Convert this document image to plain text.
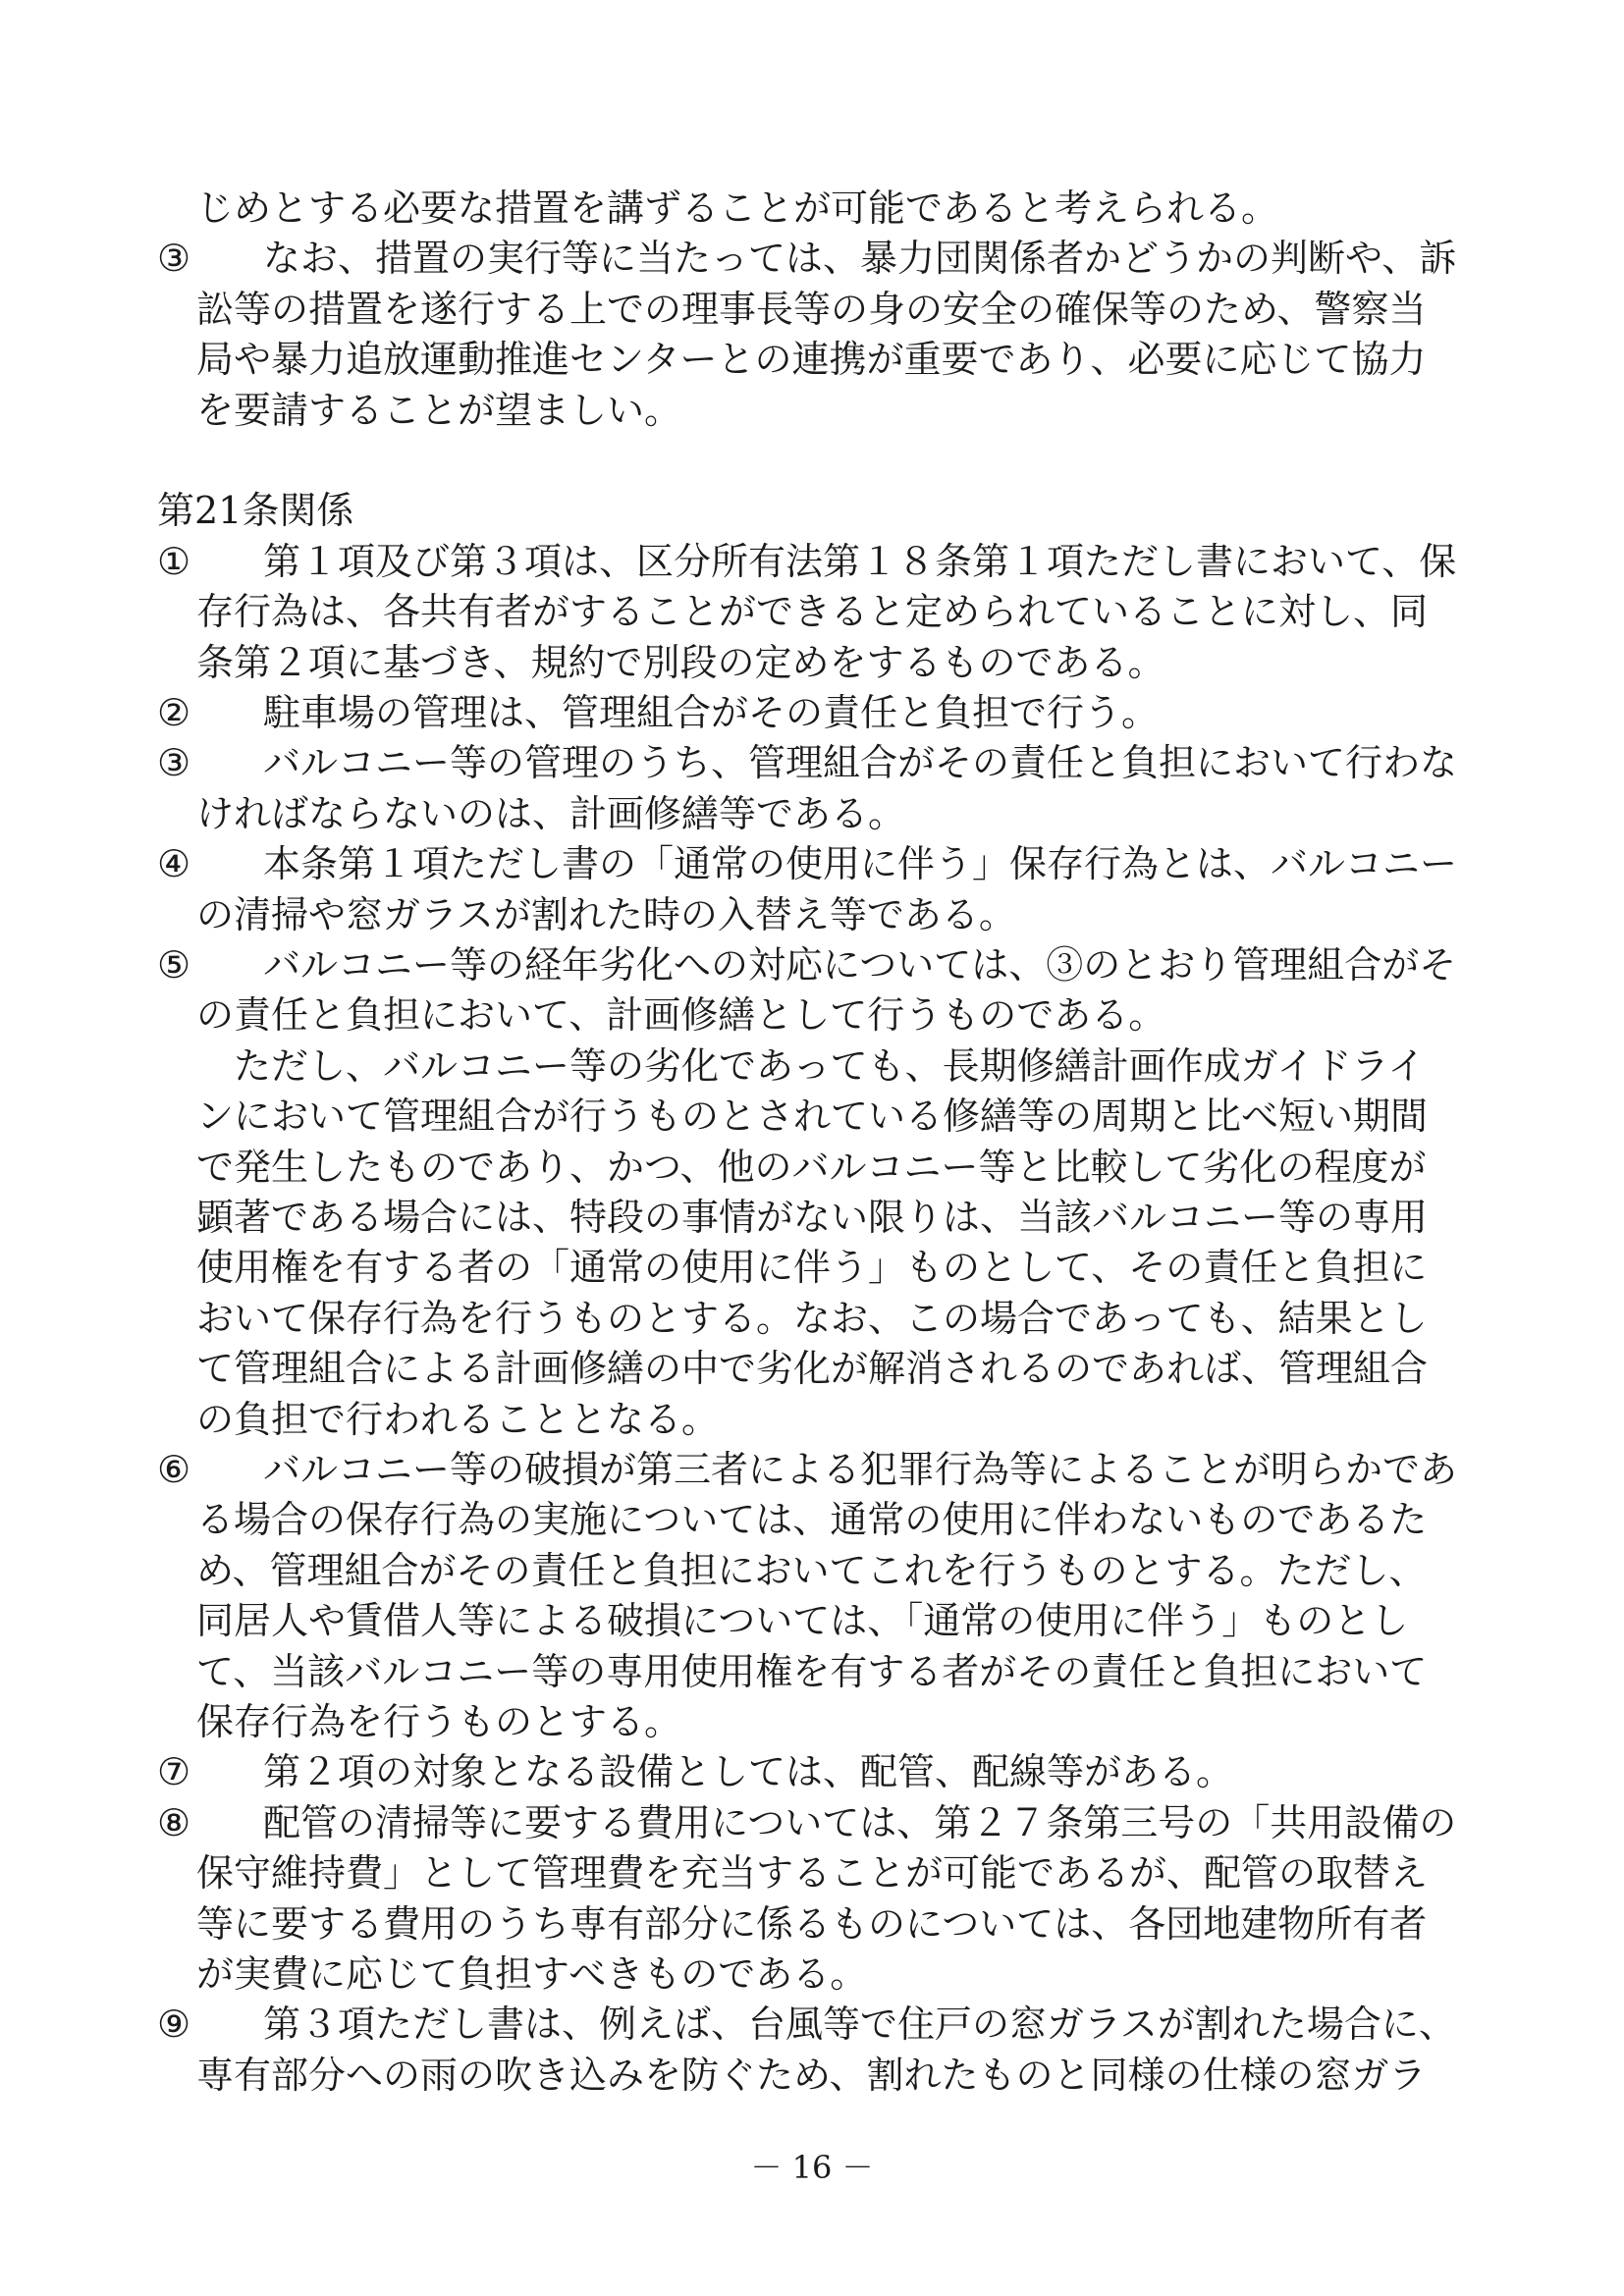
じめとする必要な措置を講ずることが可能であると考えられる。
③　なお、措置の実行等に当たっては、暴力団関係者かどうかの判断や、訴
訟等の措置を遂行する上での理事長等の身の安全の確保等のため、警察当
局や暴力追放運動推進センターとの連携が重要であり、必要に応じて協力
を要請することが望ましい。
第21条関係
①　第１項及び第３項は、区分所有法第１８条第１項ただし書において、保
存行為は、各共有者がすることができると定められていることに対し、同
条第２項に基づき、規約で別段の定めをするものである。
②　駐車場の管理は、管理組合がその責任と負担で行う。
③　バルコニー等の管理のうち、管理組合がその責任と負担において行わな
ければならないのは、計画修繕等である。
④　本条第１項ただし書の「通常の使用に伴う」保存行為とは、バルコニー
の清掃や窓ガラスが割れた時の入替え等である。
⑤　バルコニー等の経年劣化への対応については、③のとおり管理組合がそ
の責任と負担において、計画修繕として行うものである。
　ただし、バルコニー等の劣化であっても、長期修繕計画作成ガイドライ
ンにおいて管理組合が行うものとされている修繕等の周期と比べ短い期間
で発生したものであり、かつ、他のバルコニー等と比較して劣化の程度が
顕著である場合には、特段の事情がない限りは、当該バルコニー等の専用
使用権を有する者の「通常の使用に伴う」ものとして、その責任と負担に
おいて保存行為を行うものとする。なお、この場合であっても、結果とし
て管理組合による計画修繕の中で劣化が解消されるのであれば、管理組合
の負担で行われることとなる。
⑥　バルコニー等の破損が第三者による犯罪行為等によることが明らかであ
る場合の保存行為の実施については、通常の使用に伴わないものであるた
め、管理組合がその責任と負担においてこれを行うものとする。ただし、
同居人や賃借人等による破損については、「通常の使用に伴う」ものとし
て、当該バルコニー等の専用使用権を有する者がその責任と負担において
保存行為を行うものとする。
⑦　第２項の対象となる設備としては、配管、配線等がある。
⑧　配管の清掃等に要する費用については、第２７条第三号の「共用設備の
保守維持費」として管理費を充当することが可能であるが、配管の取替え
等に要する費用のうち専有部分に係るものについては、各団地建物所有者
が実費に応じて負担すべきものである。
⑨　第３項ただし書は、例えば、台風等で住戸の窓ガラスが割れた場合に、
専有部分への雨の吹き込みを防ぐため、割れたものと同様の仕様の窓ガラ
－ 16 －
